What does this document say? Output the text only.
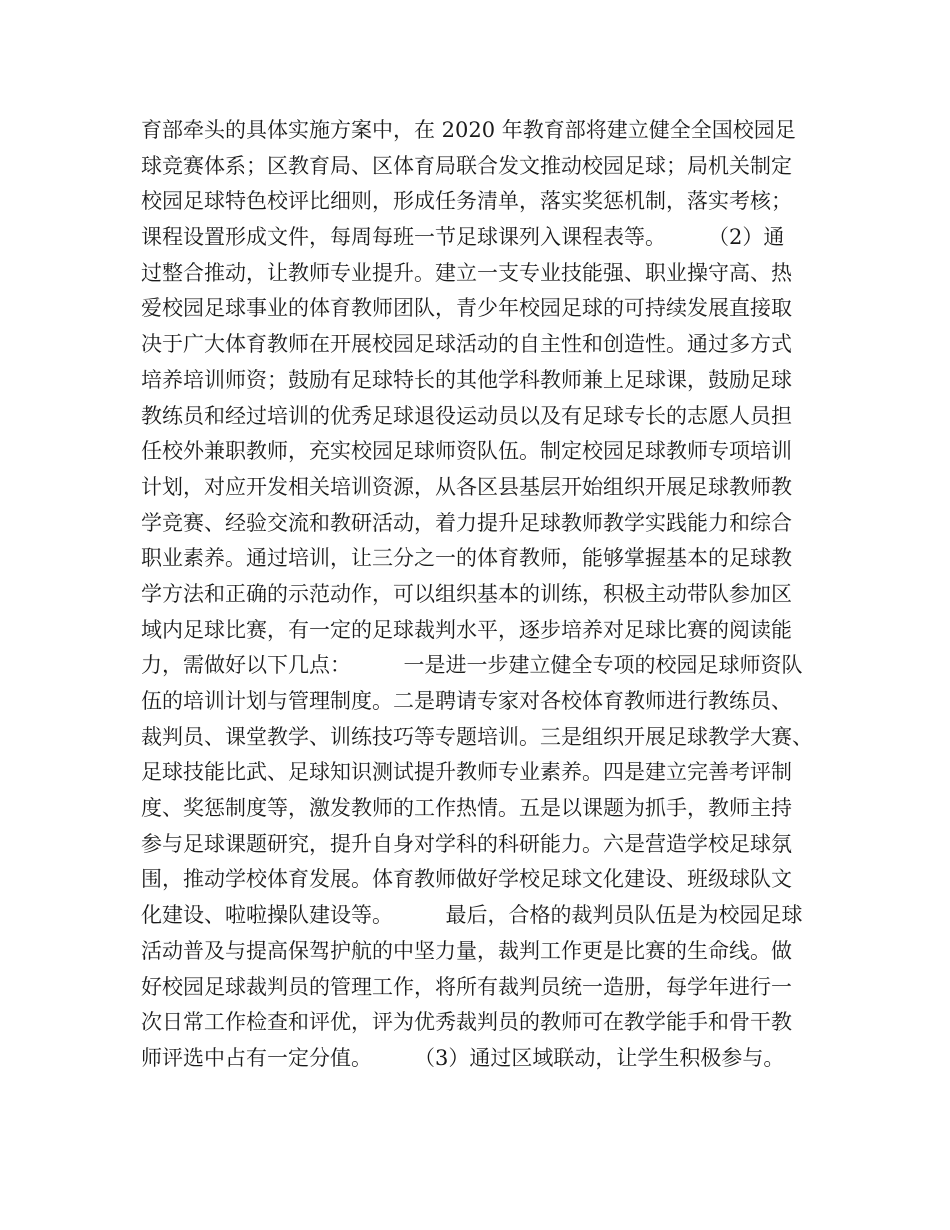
育部牵头的具体实施方案中，在 2020 年教育部将建立健全全国校园足
球竞赛体系；区教育局、区体育局联合发文推动校园足球；局机关制定
校园足球特色校评比细则，形成任务清单，落实奖惩机制，落实考核；
课程设置形成文件，每周每班一节足球课列入课程表等。　　　（2）通
过整合推动，让教师专业提升。建立一支专业技能强、职业操守高、热
爱校园足球事业的体育教师团队，青少年校园足球的可持续发展直接取
决于广大体育教师在开展校园足球活动的自主性和创造性。通过多方式
培养培训师资；鼓励有足球特长的其他学科教师兼上足球课，鼓励足球
教练员和经过培训的优秀足球退役运动员以及有足球专长的志愿人员担
任校外兼职教师，充实校园足球师资队伍。制定校园足球教师专项培训
计划，对应开发相关培训资源，从各区县基层开始组织开展足球教师教
学竞赛、经验交流和教研活动，着力提升足球教师教学实践能力和综合
职业素养。通过培训，让三分之一的体育教师，能够掌握基本的足球教
学方法和正确的示范动作，可以组织基本的训练，积极主动带队参加区
域内足球比赛，有一定的足球裁判水平，逐步培养对足球比赛的阅读能
力，需做好以下几点：　　　一是进一步建立健全专项的校园足球师资队
伍的培训计划与管理制度。二是聘请专家对各校体育教师进行教练员、
裁判员、课堂教学、训练技巧等专题培训。三是组织开展足球教学大赛、
足球技能比武、足球知识测试提升教师专业素养。四是建立完善考评制
度、奖惩制度等，激发教师的工作热情。五是以课题为抓手，教师主持
参与足球课题研究，提升自身对学科的科研能力。六是营造学校足球氛
围，推动学校体育发展。体育教师做好学校足球文化建设、班级球队文
化建设、啦啦操队建设等。　　　最后，合格的裁判员队伍是为校园足球
活动普及与提高保驾护航的中坚力量，裁判工作更是比赛的生命线。做
好校园足球裁判员的管理工作，将所有裁判员统一造册，每学年进行一
次日常工作检查和评优，评为优秀裁判员的教师可在教学能手和骨干教
师评选中占有一定分值。　　　（3）通过区域联动，让学生积极参与。
